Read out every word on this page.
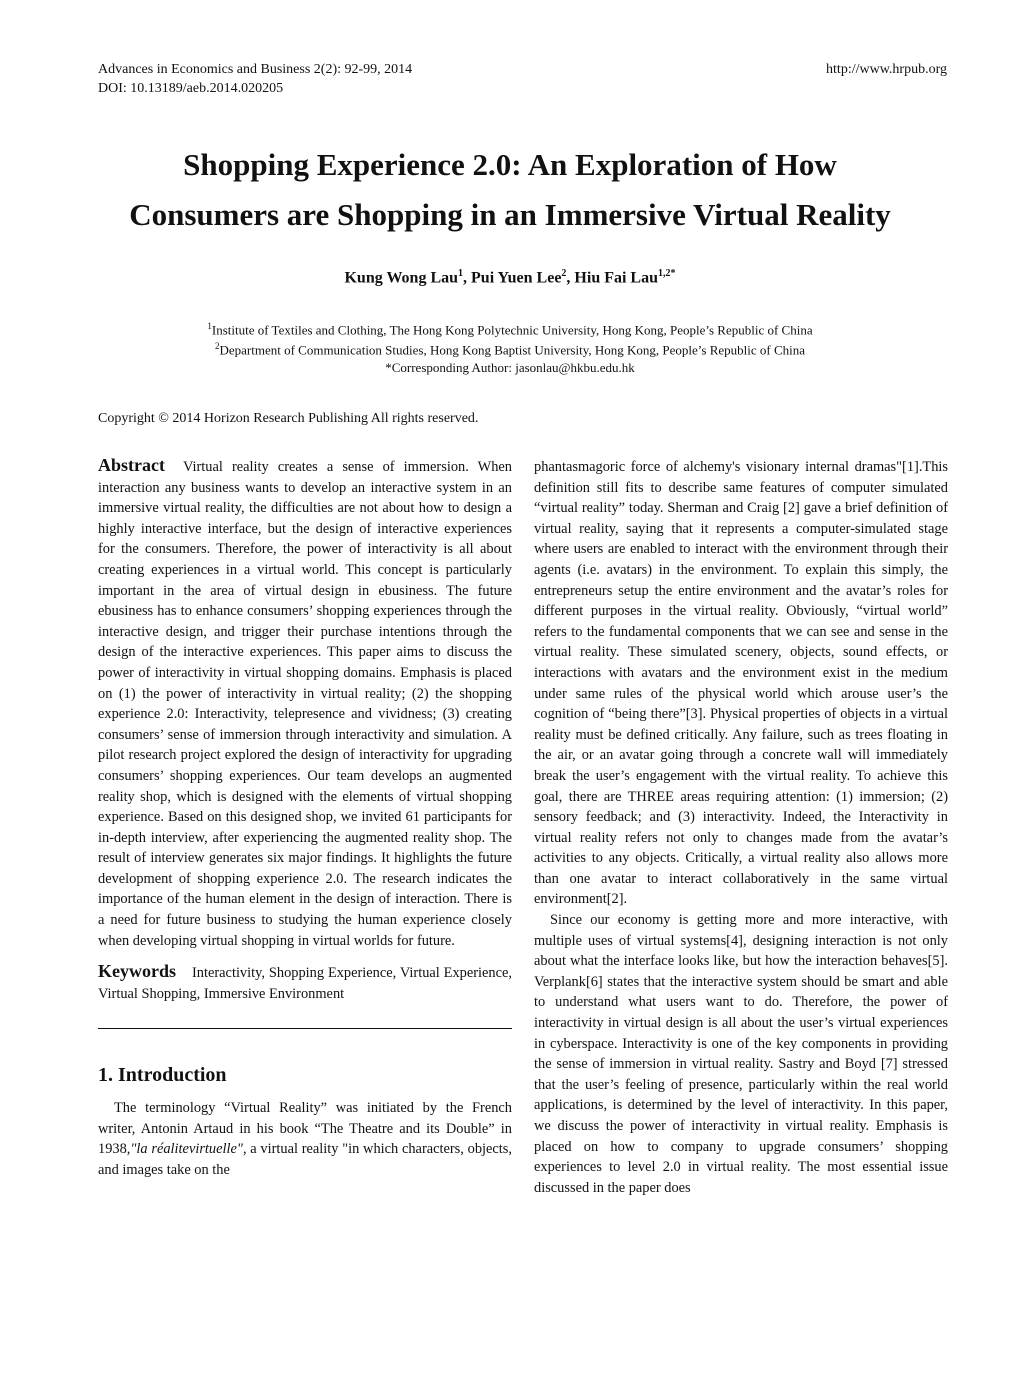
Advances in Economics and Business 2(2): 92-99, 2014
DOI: 10.13189/aeb.2014.020205
http://www.hrpub.org
Shopping Experience 2.0: An Exploration of How
Consumers are Shopping in an Immersive Virtual Reality
Kung Wong Lau$^1$, Pui Yuen Lee$^2$, Hiu Fai Lau$^{1,2*}$
$^1$Institute of Textiles and Clothing, The Hong Kong Polytechnic University, Hong Kong, People’s Republic of China
$^2$Department of Communication Studies, Hong Kong Baptist University, Hong Kong, People’s Republic of China
*Corresponding Author: jasonlau@hkbu.edu.hk
Copyright © 2014 Horizon Research Publishing All rights reserved.

Abstract Virtual reality creates a sense of immersion. When interaction any business wants to develop an interactive system in an immersive virtual reality, the difficulties are not about how to design a highly interactive interface, but the design of interactive experiences for the consumers. Therefore, the power of interactivity is all about creating experiences in a virtual world. This concept is particularly important in the area of virtual design in ebusiness. The future ebusiness has to enhance consumers’ shopping experiences through the interactive design, and trigger their purchase intentions through the design of the interactive experiences. This paper aims to discuss the power of interactivity in virtual shopping domains. Emphasis is placed on (1) the power of interactivity in virtual reality; (2) the shopping experience 2.0: Interactivity, telepresence and vividness; (3) creating consumers’ sense of immersion through interactivity and simulation. A pilot research project explored the design of interactivity for upgrading consumers’ shopping experiences. Our team develops an augmented reality shop, which is designed with the elements of virtual shopping experience. Based on this designed shop, we invited 61 participants for in-depth interview, after experiencing the augmented reality shop. The result of interview generates six major findings. It highlights the future development of shopping experience 2.0. The research indicates the importance of the human element in the design of interaction. There is a need for future business to studying the human experience closely when developing virtual shopping in virtual worlds for future.

Keywords Interactivity, Shopping Experience, Virtual Experience, Virtual Shopping, Immersive Environment

1. Introduction

The terminology “Virtual Reality” was initiated by the French writer, Antonin Artaud in his book “The Theatre and its Double” in 1938,"la réalitevirtuelle", a virtual reality "in which characters, objects, and images take on the

phantasmagoric force of alchemy's visionary internal dramas"[1].This definition still fits to describe same features of computer simulated “virtual reality” today. Sherman and Craig [2] gave a brief definition of virtual reality, saying that it represents a computer-simulated stage where users are enabled to interact with the environment through their agents (i.e. avatars) in the environment. To explain this simply, the entrepreneurs setup the entire environment and the avatar’s roles for different purposes in the virtual reality. Obviously, “virtual world” refers to the fundamental components that we can see and sense in the virtual reality. These simulated scenery, objects, sound effects, or interactions with avatars and the environment exist in the medium under same rules of the physical world which arouse user’s the cognition of “being there”[3]. Physical properties of objects in a virtual reality must be defined critically. Any failure, such as trees floating in the air, or an avatar going through a concrete wall will immediately break the user’s engagement with the virtual reality. To achieve this goal, there are THREE areas requiring attention: (1) immersion; (2) sensory feedback; and (3) interactivity. Indeed, the Interactivity in virtual reality refers not only to changes made from the avatar’s activities to any objects. Critically, a virtual reality also allows more than one avatar to interact collaboratively in the same virtual environment[2].

Since our economy is getting more and more interactive, with multiple uses of virtual systems[4], designing interaction is not only about what the interface looks like, but how the interaction behaves[5]. Verplank[6] states that the interactive system should be smart and able to understand what users want to do. Therefore, the power of interactivity in virtual design is all about the user’s virtual experiences in cyberspace. Interactivity is one of the key components in providing the sense of immersion in virtual reality. Sastry and Boyd [7] stressed that the user’s feeling of presence, particularly within the real world applications, is determined by the level of interactivity. In this paper, we discuss the power of interactivity in virtual reality. Emphasis is placed on how to company to upgrade consumers’ shopping experiences to level 2.0 in virtual reality. The most essential issue discussed in the paper does
